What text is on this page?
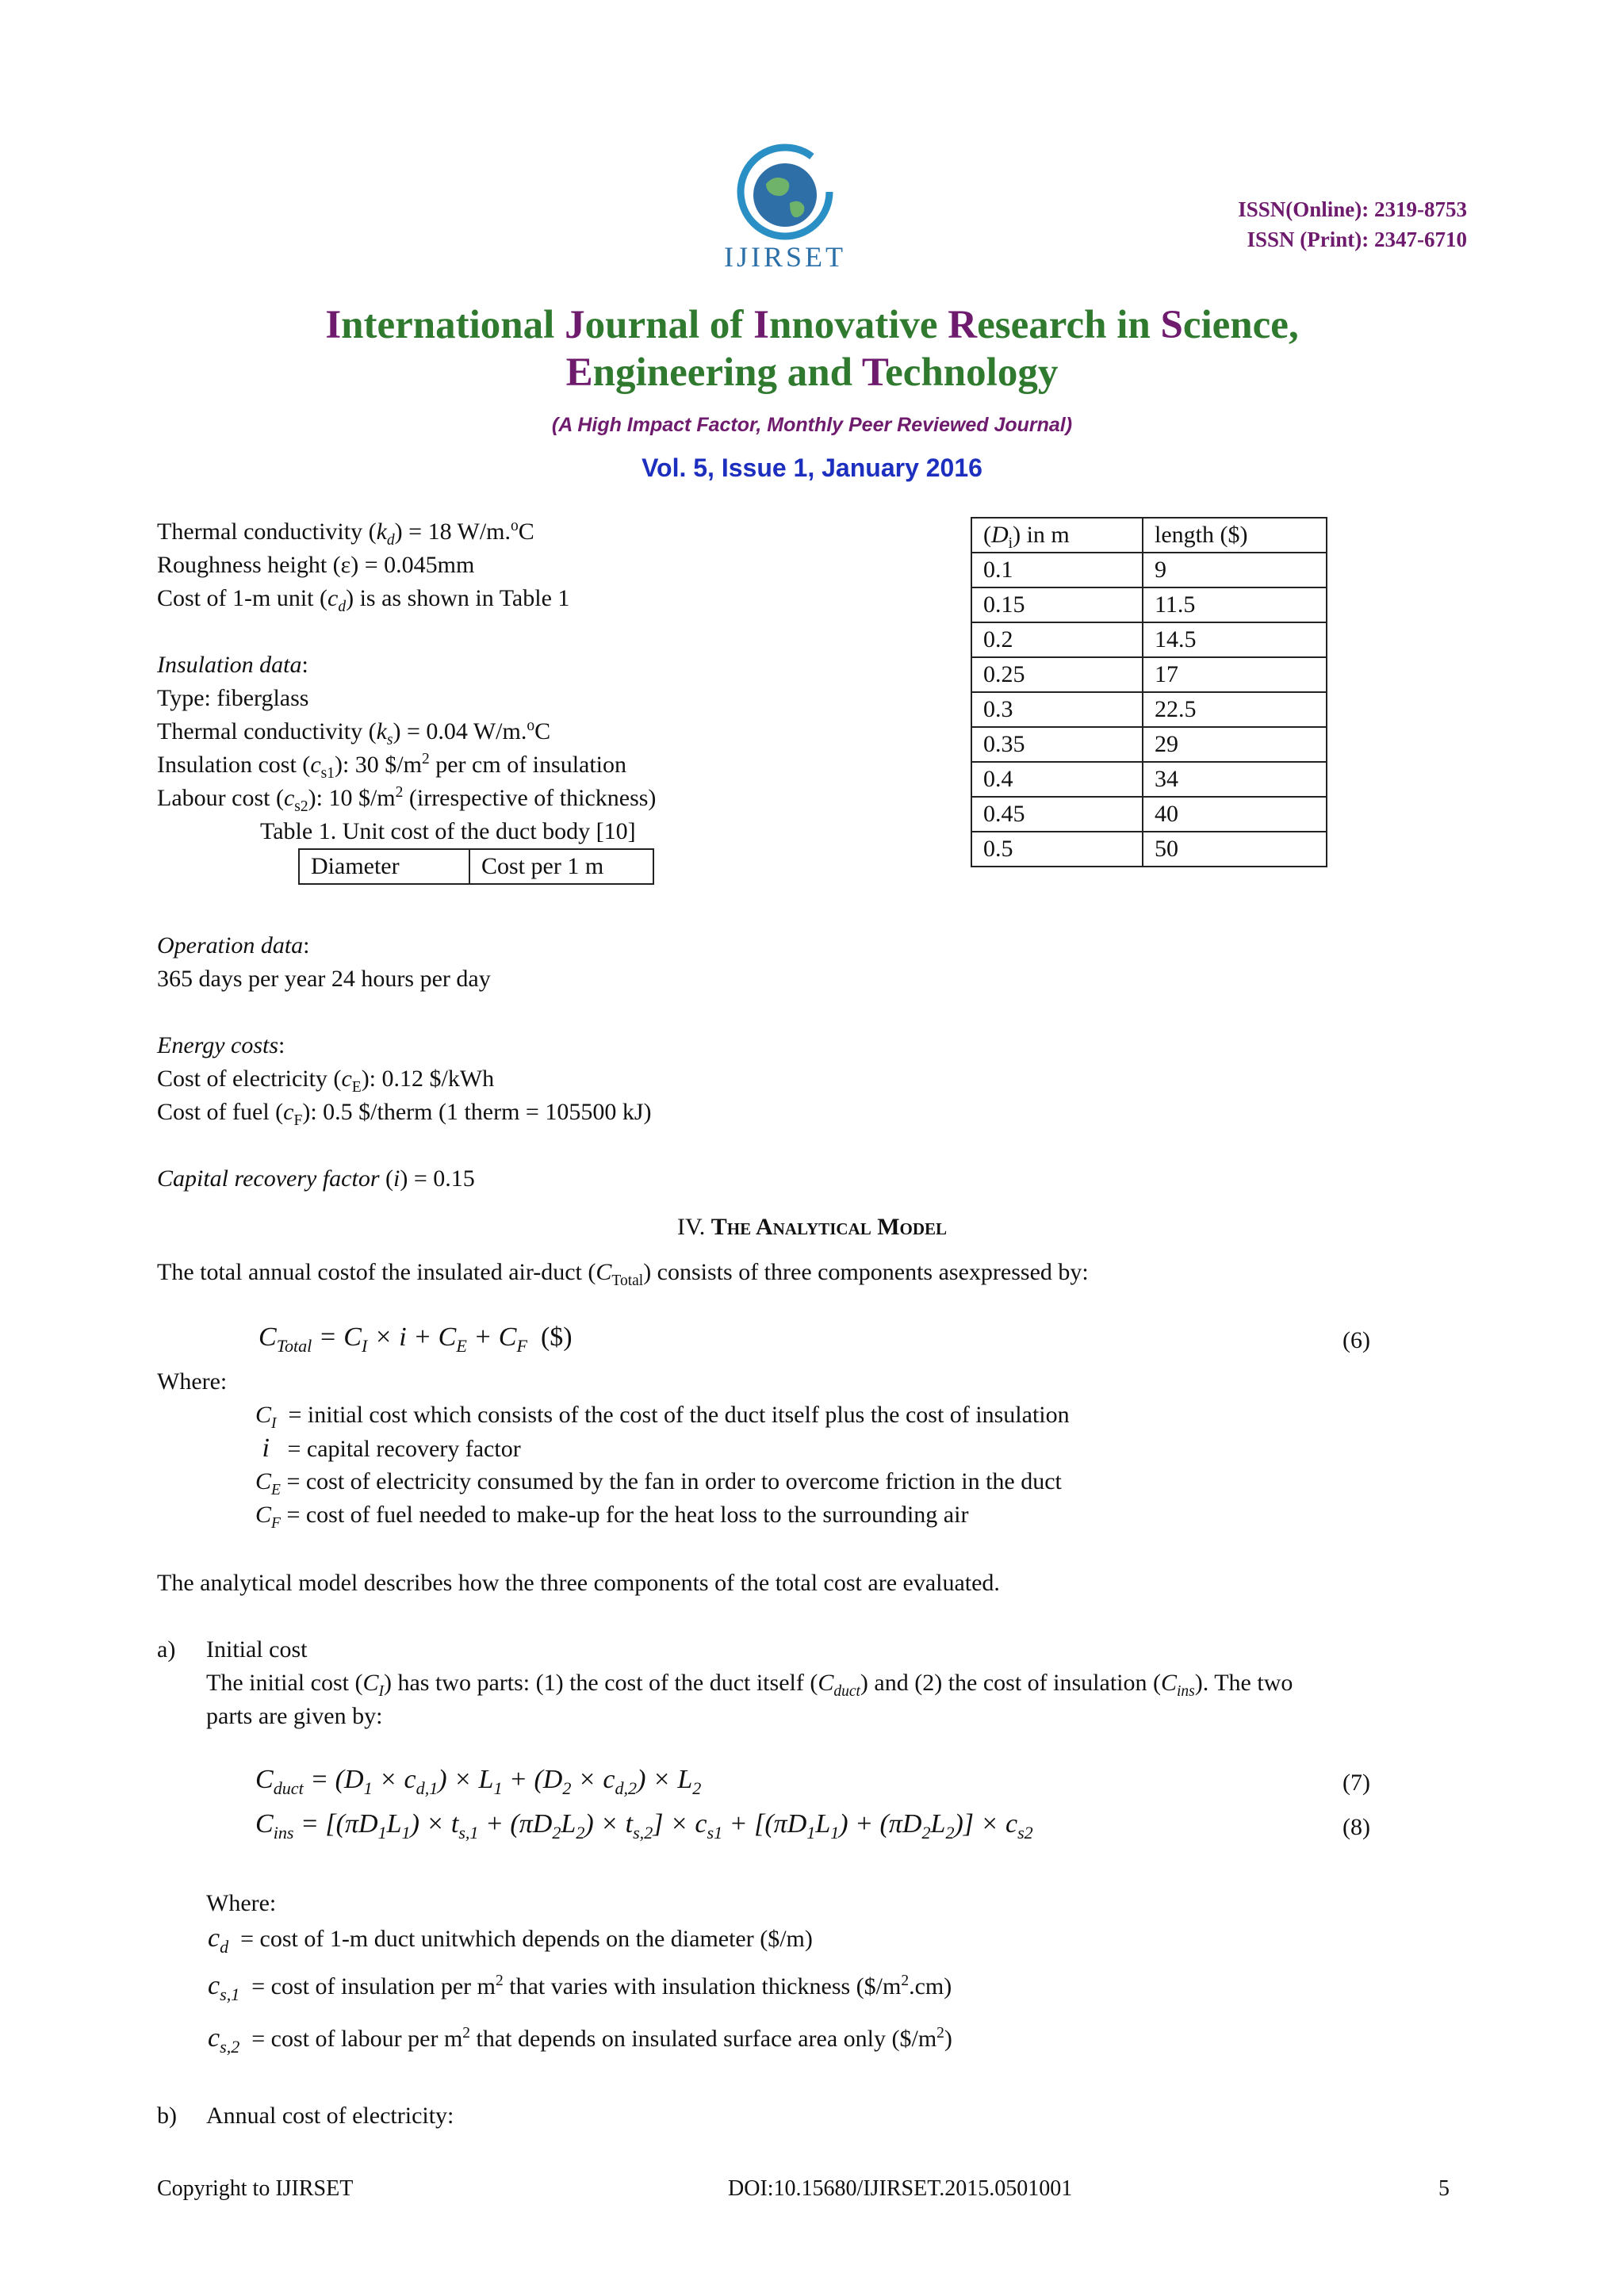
IJIRSET
ISSN(Online): 2319-8753
ISSN (Print): 2347-6710
International Journal of Innovative Research in Science,
Engineering and Technology
(A High Impact Factor, Monthly Peer Reviewed Journal)
Vol. 5, Issue 1, January 2016
Thermal conductivity $(k_d) = 18$ W/m.$^o$C
Roughness height (ε) = 0.045mm
Cost of 1-m unit $(c_d)$ is as shown in Table 1
Insulation data:
Type: fiberglass
Thermal conductivity $(k_s) = 0.04$ W/m.$^o$C
Insulation cost $(c_{s1})$: 30 $\$/m^2$ per cm of insulation
Labour cost $(c_{s2})$: 10 $\$/m^2$ (irrespective of thickness)
Table 1. Unit cost of the duct body [10]
Diameter	Cost per 1 m
Operation data:
365 days per year 24 hours per day
Energy costs:
Cost of electricity $(c_E)$: 0.12 $/kWh
Cost of fuel $(c_F)$: 0.5 $/therm (1 therm = 105500 kJ)
Capital recovery factor (i) = 0.15
$(D_i)$ in m	length ($)
0.1	9
0.15	11.5
0.2	14.5
0.25	17
0.3	22.5
0.35	29
0.4	34
0.45	40
0.5	50
IV. The Analytical Model
The total annual costof the insulated air-duct $(C_{Total})$ consists of three components asexpressed by:
$C_{Total} = C_I \times i + C_E + C_F$  ($)	(6)
Where:
$C_I$ = initial cost which consists of the cost of the duct itself plus the cost of insulation
i = capital recovery factor
$C_E = \cos t$ of electricity consumed by the fan in order to overcome friction in the duct
$C_F = \cos t$ of fuel needed to make-up for the heat loss to the surrounding air
The analytical model describes how the three components of the total cost are evaluated.
a) Initial cost
The initial cost $(C_I)$ has two parts: (1) the cost of the duct itself $(C_{duct})$ and (2) the cost of insulation $(C_{ins})$. The two
parts are given by:
$C_{duct} = (D_1 \times c_{d,1}) \times L_1 + (D_2 \times c_{d,2}) \times L_2$	(7)
$C_{ins} = [(\pi D_1L_1) \times t_{s,1} + (\pi D_2L_2) \times t_{s,2}] \times c_{s1} + [(\pi D_1L_1) + (\pi D_2L_2)] \times c_{s2}$	(8)
Where:
$c_d = \cos t$ of 1-m duct unitwhich depends on the diameter ($/m)
$c_{s,1} = \cos t$ of insulation per $m^2$ that varies with insulation thickness $(\$/m^2.cm)$
$c_{s,2} = \cos t$ of labour per $m^2$ that depends on insulated surface area only $(\$/m^2)$
b) Annual cost of electricity:
Copyright to IJIRSET	DOI:10.15680/IJIRSET.2015.0501001	5
